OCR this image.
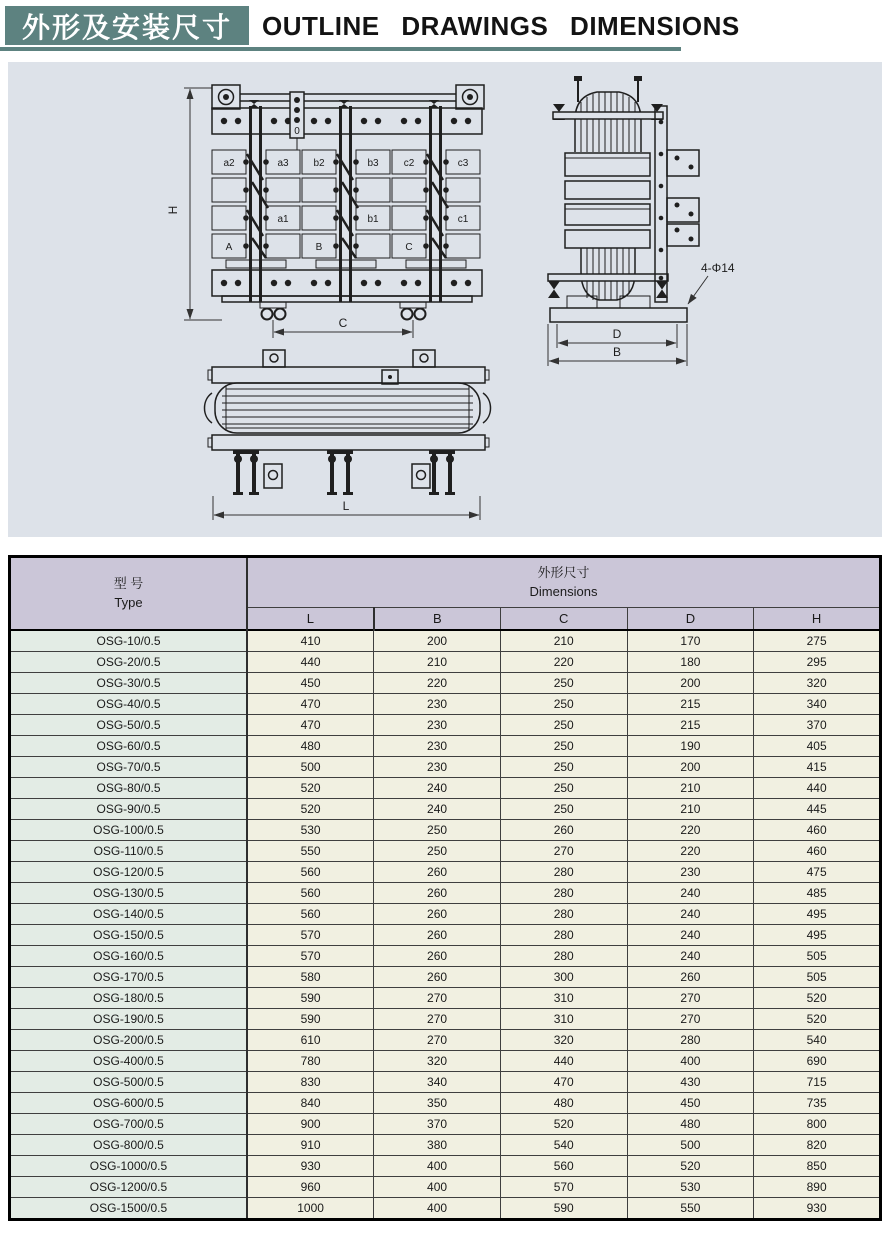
外形及安装尺寸	OUTLINE DRAWINGS DIMENSIONS
H
a2	a3 b2	b3	c2	c3
a1	b1	c1
A	B	C
0
C
4-Φ14
D
B
L
型 号
Type

外形尺寸
Dimensions

	L	B	C	D	H
OSG-10/0.5	410	200	210	170	275
OSG-20/0.5	440	210	220	180	295
OSG-30/0.5	450	220	250	200	320
OSG-40/0.5	470	230	250	215	340
OSG-50/0.5	470	230	250	215	370
OSG-60/0.5	480	230	250	190	405
OSG-70/0.5	500	230	250	200	415
OSG-80/0.5	520	240	250	210	440
OSG-90/0.5	520	240	250	210	445
OSG-100/0.5	530	250	260	220	460
OSG-110/0.5	550	250	270	220	460
OSG-120/0.5	560	260	280	230	475
OSG-130/0.5	560	260	280	240	485
OSG-140/0.5	560	260	280	240	495
OSG-150/0.5	570	260	280	240	495
OSG-160/0.5	570	260	280	240	505
OSG-170/0.5	580	260	300	260	505
OSG-180/0.5	590	270	310	270	520
OSG-190/0.5	590	270	310	270	520
OSG-200/0.5	610	270	320	280	540
OSG-400/0.5	780	320	440	400	690
OSG-500/0.5	830	340	470	430	715
OSG-600/0.5	840	350	480	450	735
OSG-700/0.5	900	370	520	480	800
OSG-800/0.5	910	380	540	500	820
OSG-1000/0.5	930	400	560	520	850
OSG-1200/0.5	960	400	570	530	890
OSG-1500/0.5	1000	400	590	550	930
